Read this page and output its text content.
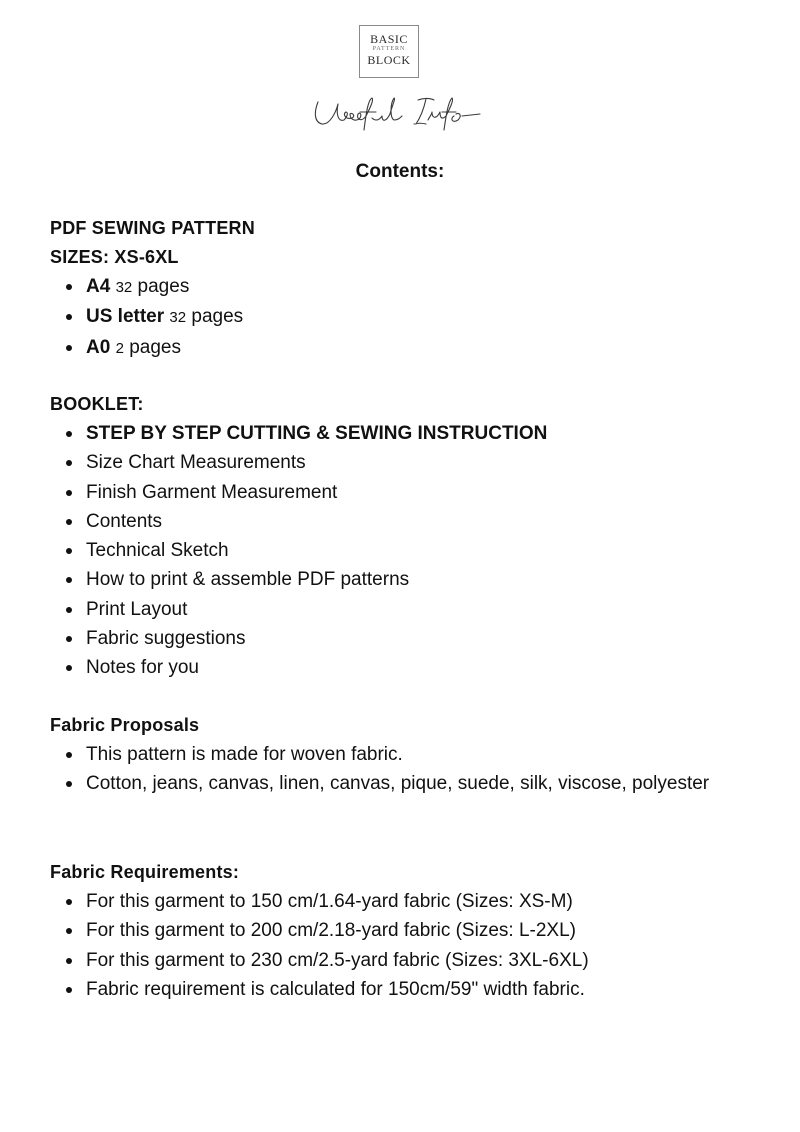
BASIC
PATTERN
BLOCK
Contents:
PDF SEWING PATTERN
SIZES: XS-6XL
A4 32 pages
US letter 32 pages
A0 2 pages
BOOKLET:
STEP BY STEP CUTTING & SEWING INSTRUCTION
Size Chart Measurements
Finish Garment Measurement
Contents
Technical Sketch
How to print & assemble PDF patterns
Print Layout
Fabric suggestions
Notes for you
Fabric Proposals
This pattern is made for woven fabric.
Cotton, jeans, canvas, linen, canvas, pique, suede, silk, viscose, polyester
Fabric Requirements:
For this garment to 150 cm/1.64-yard fabric (Sizes: XS-M)
For this garment to 200 cm/2.18-yard fabric (Sizes: L-2XL)
For this garment to 230 cm/2.5-yard fabric (Sizes: 3XL-6XL)
Fabric requirement is calculated for 150cm/59" width fabric.
